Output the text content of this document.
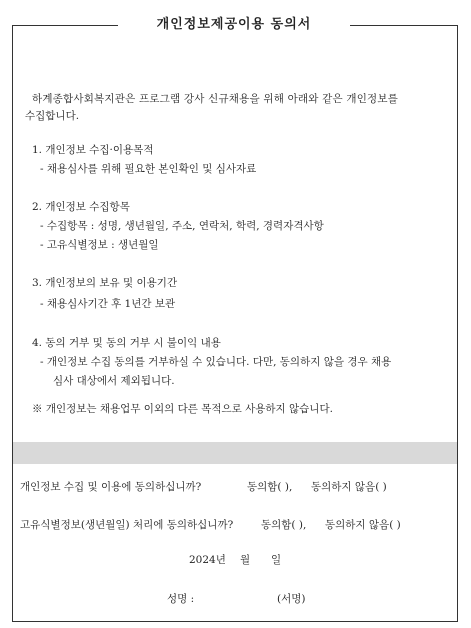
개인정보제공이용 동의서
하계종합사회복지관은 프로그램 강사 신규채용을 위해 아래와 같은 개인정보를
수집합니다.
1. 개인정보 수집·이용목적
- 채용심사를 위해 필요한 본인확인 및 심사자료
2. 개인정보 수집항목
- 수집항목 : 성명, 생년월일, 주소, 연락처, 학력, 경력자격사항
- 고유식별정보 : 생년월일
3. 개인정보의 보유 및 이용기간
- 채용심사기간 후 1년간 보관
4. 동의 거부 및 동의 거부 시 불이익 내용
- 개인정보 수집 동의를 거부하실 수 있습니다. 다만, 동의하지 않을 경우 채용
심사 대상에서 제외됩니다.
※ 개인정보는 채용업무 이외의 다른 목적으로 사용하지 않습니다.
개인정보 수집 및 이용에 동의하십니까?	동의함( ), 동의하지 않음( )
고유식별정보(생년월일) 처리에 동의하십니까?	동의함( ), 동의하지 않음( )
2024년 월 일
성명 :	(서명)
